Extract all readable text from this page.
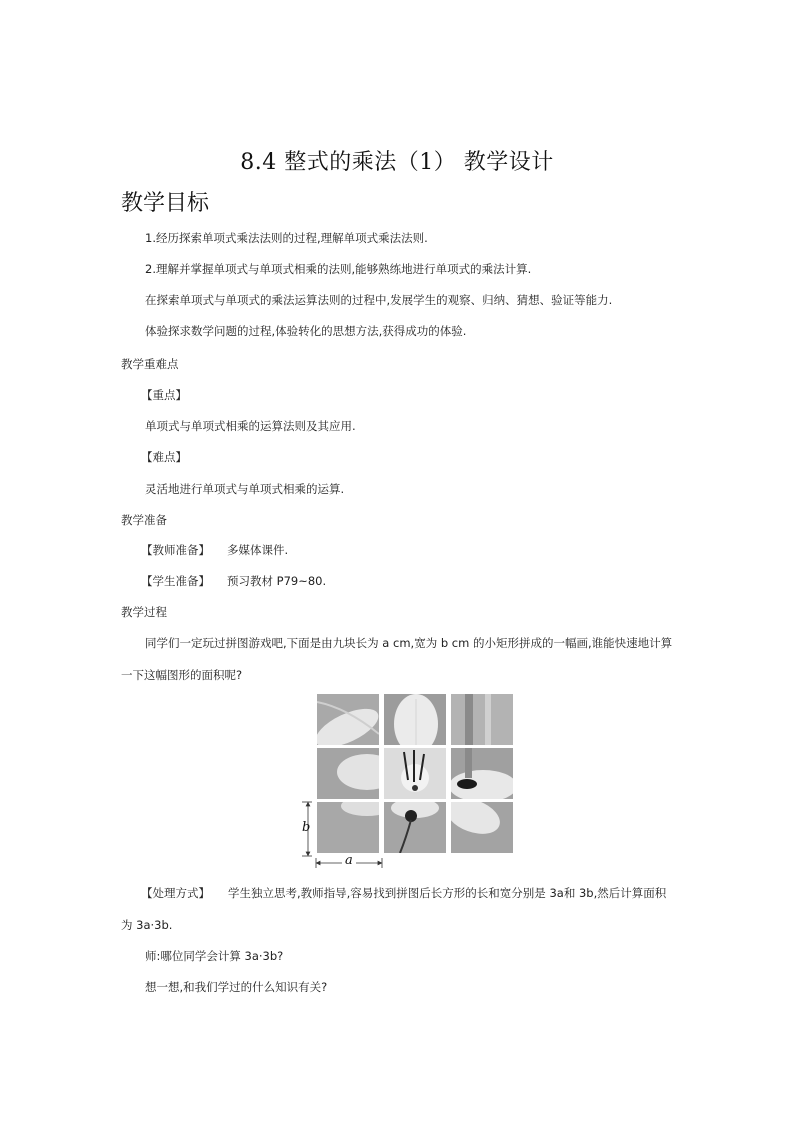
8.4 整式的乘法（1） 教学设计
教学目标
1.经历探索单项式乘法法则的过程,理解单项式乘法法则.
2.理解并掌握单项式与单项式相乘的法则,能够熟练地进行单项式的乘法计算.
在探索单项式与单项式的乘法运算法则的过程中,发展学生的观察、归纳、猜想、验证等能力.
体验探求数学问题的过程,体验转化的思想方法,获得成功的体验.
教学重难点
【重点】
单项式与单项式相乘的运算法则及其应用.
【难点】
灵活地进行单项式与单项式相乘的运算.
教学准备
【教师准备】 多媒体课件.
【学生准备】 预习教材 P79~80.
教学过程
同学们一定玩过拼图游戏吧,下面是由九块长为 a cm,宽为 b cm 的小矩形拼成的一幅画,谁能快速地计算
一下这幅图形的面积呢?
b
a
【处理方式】 学生独立思考,教师指导,容易找到拼图后长方形的长和宽分别是 3a和 3b,然后计算面积
为 3a·3b.
师:哪位同学会计算 3a·3b?
想一想,和我们学过的什么知识有关?
